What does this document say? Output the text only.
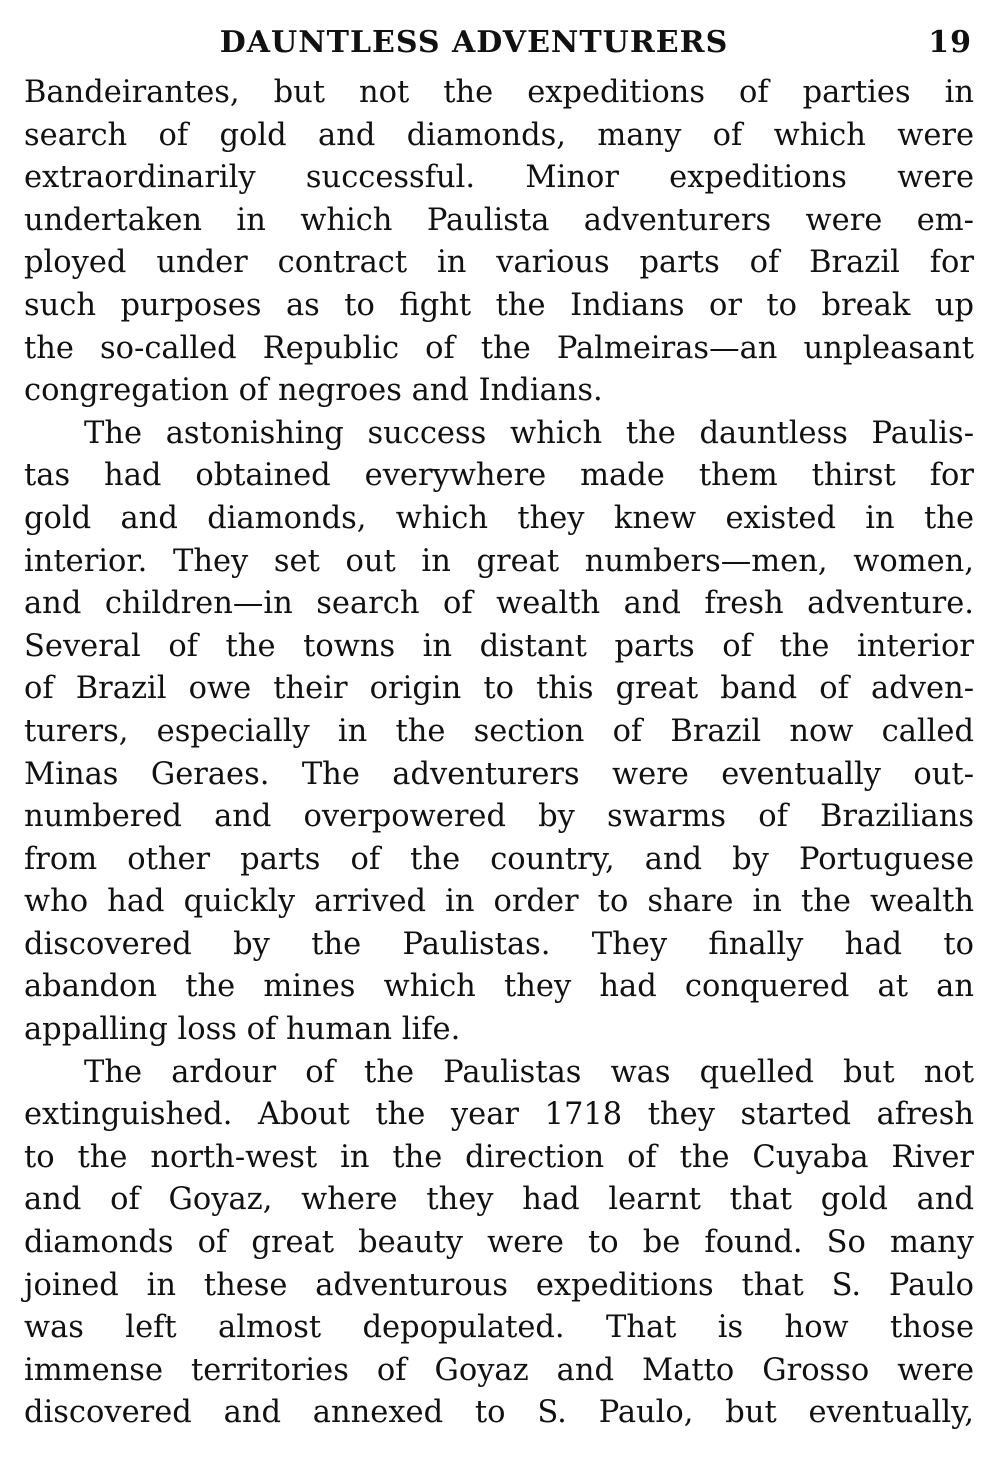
DAUNTLESS ADVENTURERS	19

Bandeirantes, but not the expeditions of parties in
search of gold and diamonds, many of which were
extraordinarily successful. Minor expeditions were
undertaken in which Paulista adventurers were em-
ployed under contract in various parts of Brazil for
such purposes as to fight the Indians or to break up
the so-called Republic of the Palmeiras—an unpleasant
congregation of negroes and Indians.

The astonishing success which the dauntless Paulis-
tas had obtained everywhere made them thirst for
gold and diamonds, which they knew existed in the
interior. They set out in great numbers—men, women,
and children—in search of wealth and fresh adventure.
Several of the towns in distant parts of the interior
of Brazil owe their origin to this great band of adven-
turers, especially in the section of Brazil now called
Minas Geraes. The adventurers were eventually out-
numbered and overpowered by swarms of Brazilians
from other parts of the country, and by Portuguese
who had quickly arrived in order to share in the wealth
discovered by the Paulistas. They finally had to
abandon the mines which they had conquered at an
appalling loss of human life.

The ardour of the Paulistas was quelled but not
extinguished. About the year 1718 they started afresh
to the north-west in the direction of the Cuyaba River
and of Goyaz, where they had learnt that gold and
diamonds of great beauty were to be found. So many
joined in these adventurous expeditions that S. Paulo
was left almost depopulated. That is how those
immense territories of Goyaz and Matto Grosso were
discovered and annexed to S. Paulo, but eventually,
